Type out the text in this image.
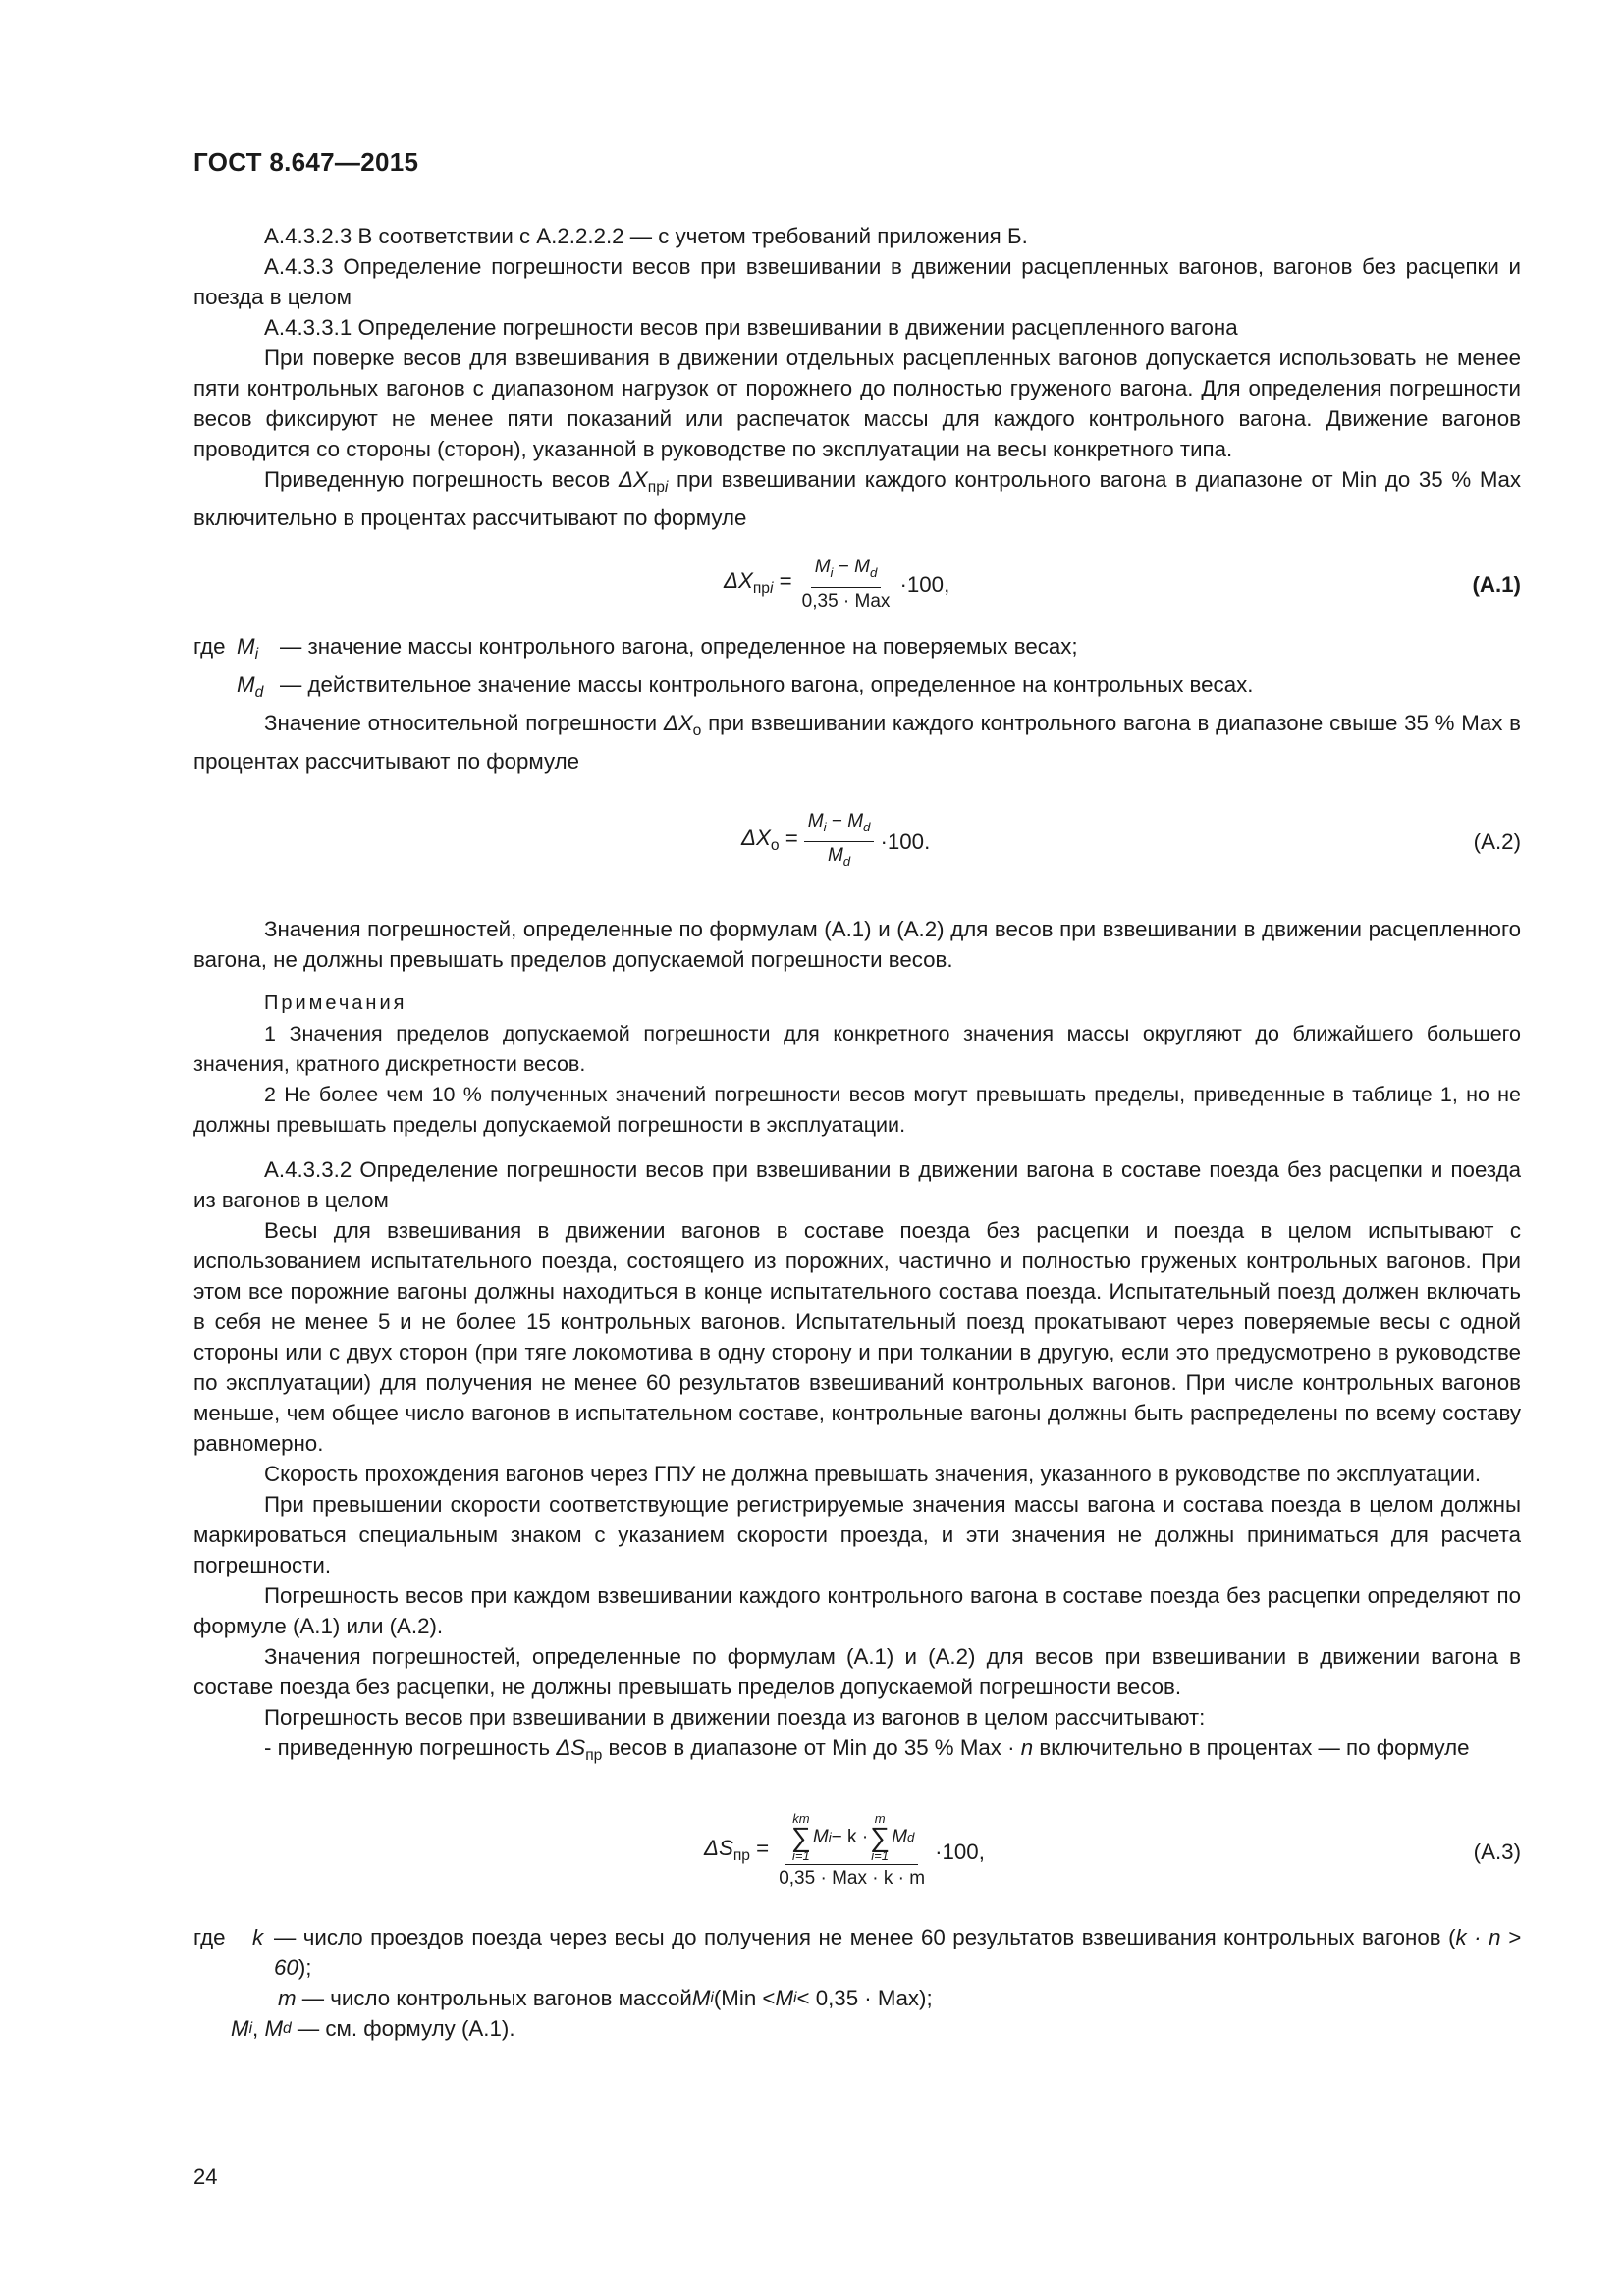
ГОСТ 8.647—2015

А.4.3.2.3 В соответствии с А.2.2.2.2 — с учетом требований приложения Б.

А.4.3.3 Определение погрешности весов при взвешивании в движении расцепленных вагонов, вагонов без расцепки и поезда в целом

А.4.3.3.1 Определение погрешности весов при взвешивании в движении расцепленного вагона

При поверке весов для взвешивания в движении отдельных расцепленных вагонов допускается использовать не менее пяти контрольных вагонов с диапазоном нагрузок от порожнего до полностью груженого вагона. Для определения погрешности весов фиксируют не менее пяти показаний или распечаток массы для каждого контрольного вагона. Движение вагонов проводится со стороны (сторон), указанной в руководстве по эксплуатации на весы конкретного типа.

Приведенную погрешность весов $\Delta X_{прi}$ при взвешивании каждого контрольного вагона в диапазоне от Min до 35 % Max включительно в процентах рассчитывают по формуле

$\Delta X_{прi} = \frac{M_i - M_d}{\text{0,35 · Max}} \cdot 100$,	(А.1)
где $M_i$ — значение массы контрольного вагона, определенное на поверяемых весах;
$M_d$ — действительное значение массы контрольного вагона, определенное на контрольных весах.

Значение относительной погрешности $\Delta X_о$ при взвешивании каждого контрольного вагона в диапазоне свыше 35 % Max в процентах рассчитывают по формуле

$\Delta X_о = \frac{M_i - M_d}{M_d} \cdot 100$.	(А.2)

Значения погрешностей, определенные по формулам (А.1) и (А.2) для весов при взвешивании в движении расцепленного вагона, не должны превышать пределов допускаемой погрешности весов.

Примечания

1 Значения пределов допускаемой погрешности для конкретного значения массы округляют до ближайшего большего значения, кратного дискретности весов.

2 Не более чем 10 % полученных значений погрешности весов могут превышать пределы, приведенные в таблице 1, но не должны превышать пределы допускаемой погрешности в эксплуатации.

А.4.3.3.2 Определение погрешности весов при взвешивании в движении вагона в составе поезда без расцепки и поезда из вагонов в целом

Весы для взвешивания в движении вагонов в составе поезда без расцепки и поезда в целом испытывают с использованием испытательного поезда, состоящего из порожних, частично и полностью груженых контрольных вагонов. При этом все порожние вагоны должны находиться в конце испытательного состава поезда. Испытательный поезд должен включать в себя не менее 5 и не более 15 контрольных вагонов. Испытательный поезд прокатывают через поверяемые весы с одной стороны или с двух сторон (при тяге локомотива в одну сторону и при толкании в другую, если это предусмотрено в руководстве по эксплуатации) для получения не менее 60 результатов взвешиваний контрольных вагонов. При числе контрольных вагонов меньше, чем общее число вагонов в испытательном составе, контрольные вагоны должны быть распределены по всему составу равномерно.

Скорость прохождения вагонов через ГПУ не должна превышать значения, указанного в руководстве по эксплуатации.

При превышении скорости соответствующие регистрируемые значения массы вагона и состава поезда в целом должны маркироваться специальным знаком с указанием скорости проезда, и эти значения не должны приниматься для расчета погрешности.

Погрешность весов при каждом взвешивании каждого контрольного вагона в составе поезда без расцепки определяют по формуле (А.1) или (А.2).

Значения погрешностей, определенные по формулам (А.1) и (А.2) для весов при взвешивании в движении вагона в составе поезда без расцепки, не должны превышать пределов допускаемой погрешности весов.

Погрешность весов при взвешивании в движении поезда из вагонов в целом рассчитывают:

- приведенную погрешность $\Delta S_{пр}$ весов в диапазоне от Min до 35 % Max · n включительно в процентах — по формуле

$\Delta S_{пр}$ =
km
∑
i=1
M i − k ·
m
∑
i=1
M d
0,35 · Max · k · m
·100,	(А.3)
где	k — число проездов поезда через весы до получения не менее 60 результатов взвешивания контрольных вагонов (k · n > 60);
m
— число контрольных вагонов массой M i (Min < M i < 0,35 · Max);
M i , M d
— см. формулу (А.1).
24
